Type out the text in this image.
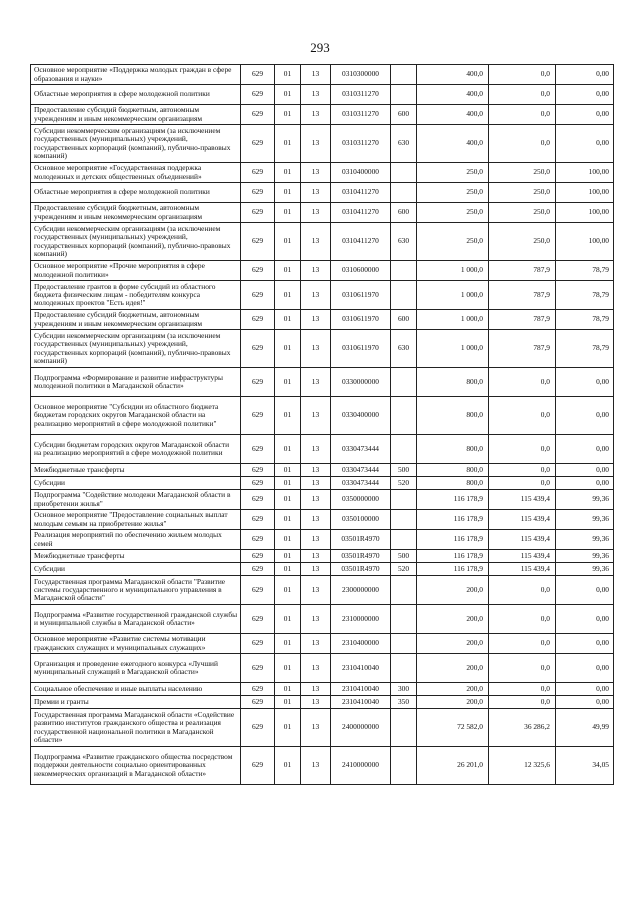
293
Основное мероприятие «Поддержка молодых граждан в сфере образования и науки»	629	01	13	0310300000		400,0	0,0	0,00
Областные мероприятия в сфере молодежной политики	629	01	13	0310311270		400,0	0,0	0,00
Предоставление субсидий бюджетным, автономным учреждениям и иным некоммерческим организациям	629	01	13	0310311270	600	400,0	0,0	0,00
Субсидии некоммерческим организациям (за исключением государственных (муниципальных) учреждений, государственных корпораций (компаний), публично-правовых компаний)	629	01	13	0310311270	630	400,0	0,0	0,00
Основное мероприятие «Государственная поддержка молодежных и детских общественных объединений»	629	01	13	0310400000		250,0	250,0	100,00
Областные мероприятия в сфере молодежной политики	629	01	13	0310411270		250,0	250,0	100,00
Предоставление субсидий бюджетным, автономным учреждениям и иным некоммерческим организациям	629	01	13	0310411270	600	250,0	250,0	100,00
Субсидии некоммерческим организациям (за исключением государственных (муниципальных) учреждений, государственных корпораций (компаний), публично-правовых компаний)	629	01	13	0310411270	630	250,0	250,0	100,00
Основное мероприятие «Прочие мероприятия в сфере молодежной политики»	629	01	13	0310600000		1 000,0	787,9	78,79
Предоставление грантов в форме субсидий из областного бюджета физическим лицам - победителям конкурса молодежных проектов "Есть идея!"	629	01	13	0310611970		1 000,0	787,9	78,79
Предоставление субсидий бюджетным, автономным учреждениям и иным некоммерческим организациям	629	01	13	0310611970	600	1 000,0	787,9	78,79
Субсидии некоммерческим организациям (за исключением государственных (муниципальных) учреждений, государственных корпораций (компаний), публично-правовых компаний)	629	01	13	0310611970	630	1 000,0	787,9	78,79
Подпрограмма «Формирование и развитие инфраструктуры молодежной политики в Магаданской области»	629	01	13	0330000000		800,0	0,0	0,00
Основное мероприятие "Субсидии из областного бюджета бюджетам городских округов Магаданской области на реализацию мероприятий в сфере молодежной политики"	629	01	13	0330400000		800,0	0,0	0,00
Субсидии бюджетам городских округов Магаданской области на реализацию мероприятий в сфере молодежной политики	629	01	13	0330473444		800,0	0,0	0,00
Межбюджетные трансферты	629	01	13	0330473444	500	800,0	0,0	0,00
Субсидии	629	01	13	0330473444	520	800,0	0,0	0,00
Подпрограмма "Содействие молодежи Магаданской области в приобретении жилья"	629	01	13	0350000000		116 178,9	115 439,4	99,36
Основное мероприятие "Предоставление социальных выплат молодым семьям на приобретение жилья"	629	01	13	0350100000		116 178,9	115 439,4	99,36
Реализация мероприятий по обеспечению жильем молодых семей	629	01	13	03501R4970		116 178,9	115 439,4	99,36
Межбюджетные трансферты	629	01	13	03501R4970	500	116 178,9	115 439,4	99,36
Субсидии	629	01	13	03501R4970	520	116 178,9	115 439,4	99,36
Государственная программа Магаданской области "Развитие системы государственного и муниципального управления в Магаданской области"	629	01	13	2300000000		200,0	0,0	0,00
Подпрограмма «Развитие государственной гражданской службы и муниципальной службы в Магаданской области»	629	01	13	2310000000		200,0	0,0	0,00
Основное мероприятие «Развитие системы мотивации гражданских служащих и муниципальных служащих»	629	01	13	2310400000		200,0	0,0	0,00
Организация и проведение ежегодного конкурса «Лучший муниципальный служащий в Магаданской области»	629	01	13	2310410040		200,0	0,0	0,00
Социальное обеспечение и иные выплаты населению	629	01	13	2310410040	300	200,0	0,0	0,00
Премии и гранты	629	01	13	2310410040	350	200,0	0,0	0,00
Государственная программа Магаданской области «Содействие развитию институтов гражданского общества и реализация государственной национальной политики в Магаданской области»	629	01	13	2400000000		72 582,0	36 286,2	49,99
Подпрограмма «Развитие гражданского общества посредством поддержки деятельности социально ориентированных некоммерческих организаций в Магаданской области»	629	01	13	2410000000		26 201,0	12 325,6	34,05
